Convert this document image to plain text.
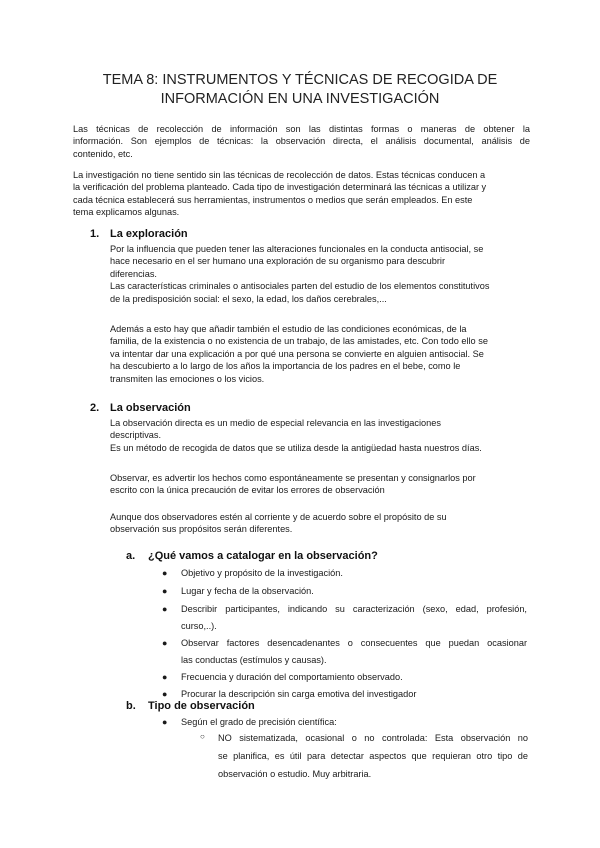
TEMA 8: INSTRUMENTOS Y TÉCNICAS DE RECOGIDA DE
INFORMACIÓN EN UNA INVESTIGACIÓN
Las técnicas de recolección de información son las distintas formas o maneras de obtener la
información. Son ejemplos de técnicas: la observación directa, el análisis documental, análisis de
contenido, etc.
La investigación no tiene sentido sin las técnicas de recolección de datos. Estas técnicas conducen a
la verificación del problema planteado. Cada tipo de investigación determinará las técnicas a utilizar y
cada técnica establecerá sus herramientas, instrumentos o medios que serán empleados. En este
tema explicamos algunas.
1. La exploración
Por la influencia que pueden tener las alteraciones funcionales en la conducta antisocial, se
hace necesario en el ser humano una exploración de su organismo para descubrir
diferencias.
Las características criminales o antisociales parten del estudio de los elementos constitutivos
de la predisposición social: el sexo, la edad, los daños cerebrales,...
Además a esto hay que añadir también el estudio de las condiciones económicas, de la
familia, de la existencia o no existencia de un trabajo, de las amistades, etc. Con todo ello se
va intentar dar una explicación a por qué una persona se convierte en alguien antisocial. Se
ha descubierto a lo largo de los años la importancia de los padres en el bebe, como le
transmiten las emociones o los vicios.
2. La observación
La observación directa es un medio de especial relevancia en las investigaciones
descriptivas.
Es un método de recogida de datos que se utiliza desde la antigüedad hasta nuestros días.
Observar, es advertir los hechos como espontáneamente se presentan y consignarlos por
escrito con la única precaución de evitar los errores de observación
Aunque dos observadores estén al corriente y de acuerdo sobre el propósito de su
observación sus propósitos serán diferentes.
a. ¿Qué vamos a catalogar en la observación?
● Objetivo y propósito de la investigación.
● Lugar y fecha de la observación.
● Describir participantes, indicando su caracterización (sexo, edad, profesión,
curso,..).
● Observar factores desencadenantes o consecuentes que puedan ocasionar
las conductas (estímulos y causas).
● Frecuencia y duración del comportamiento observado.
● Procurar la descripción sin carga emotiva del investigador
b. Tipo de observación
● Según el grado de precisión científica:
○ NO sistematizada, ocasional o no controlada: Esta observación no
se planifica, es útil para detectar aspectos que requieran otro tipo de
observación o estudio. Muy arbitraria.
